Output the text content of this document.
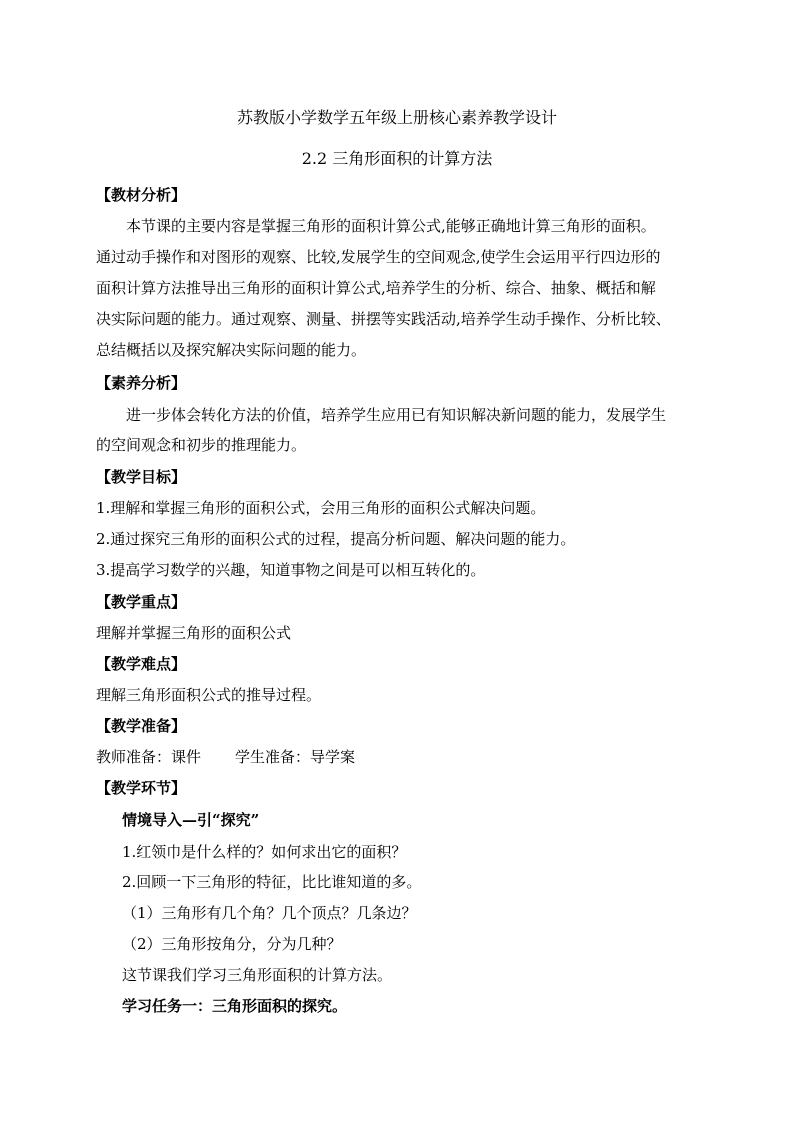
苏教版小学数学五年级上册核心素养教学设计
2.2 三角形面积的计算方法
【教材分析】
本节课的主要内容是掌握三角形的面积计算公式,能够正确地计算三角形的面积。
通过动手操作和对图形的观察、比较,发展学生的空间观念,使学生会运用平行四边形的
面积计算方法推导出三角形的面积计算公式,培养学生的分析、综合、抽象、概括和解
决实际问题的能力。通过观察、测量、拼摆等实践活动,培养学生动手操作、分析比较、
总结概括以及探究解决实际问题的能力。
【素养分析】
进一步体会转化方法的价值，培养学生应用已有知识解决新问题的能力，发展学生
的空间观念和初步的推理能力。
【教学目标】
1.理解和掌握三角形的面积公式，会用三角形的面积公式解决问题。
2.通过探究三角形的面积公式的过程，提高分析问题、解决问题的能力。
3.提高学习数学的兴趣，知道事物之间是可以相互转化的。
【教学重点】
理解并掌握三角形的面积公式
【教学难点】
理解三角形面积公式的推导过程。
【教学准备】
教师准备：课件 学生准备：导学案
【教学环节】
情境导入—引“探究”
1.红领巾是什么样的？如何求出它的面积？
2.回顾一下三角形的特征，比比谁知道的多。
（1）三角形有几个角？几个顶点？几条边？
（2）三角形按角分，分为几种？
这节课我们学习三角形面积的计算方法。
学习任务一：三角形面积的探究。
